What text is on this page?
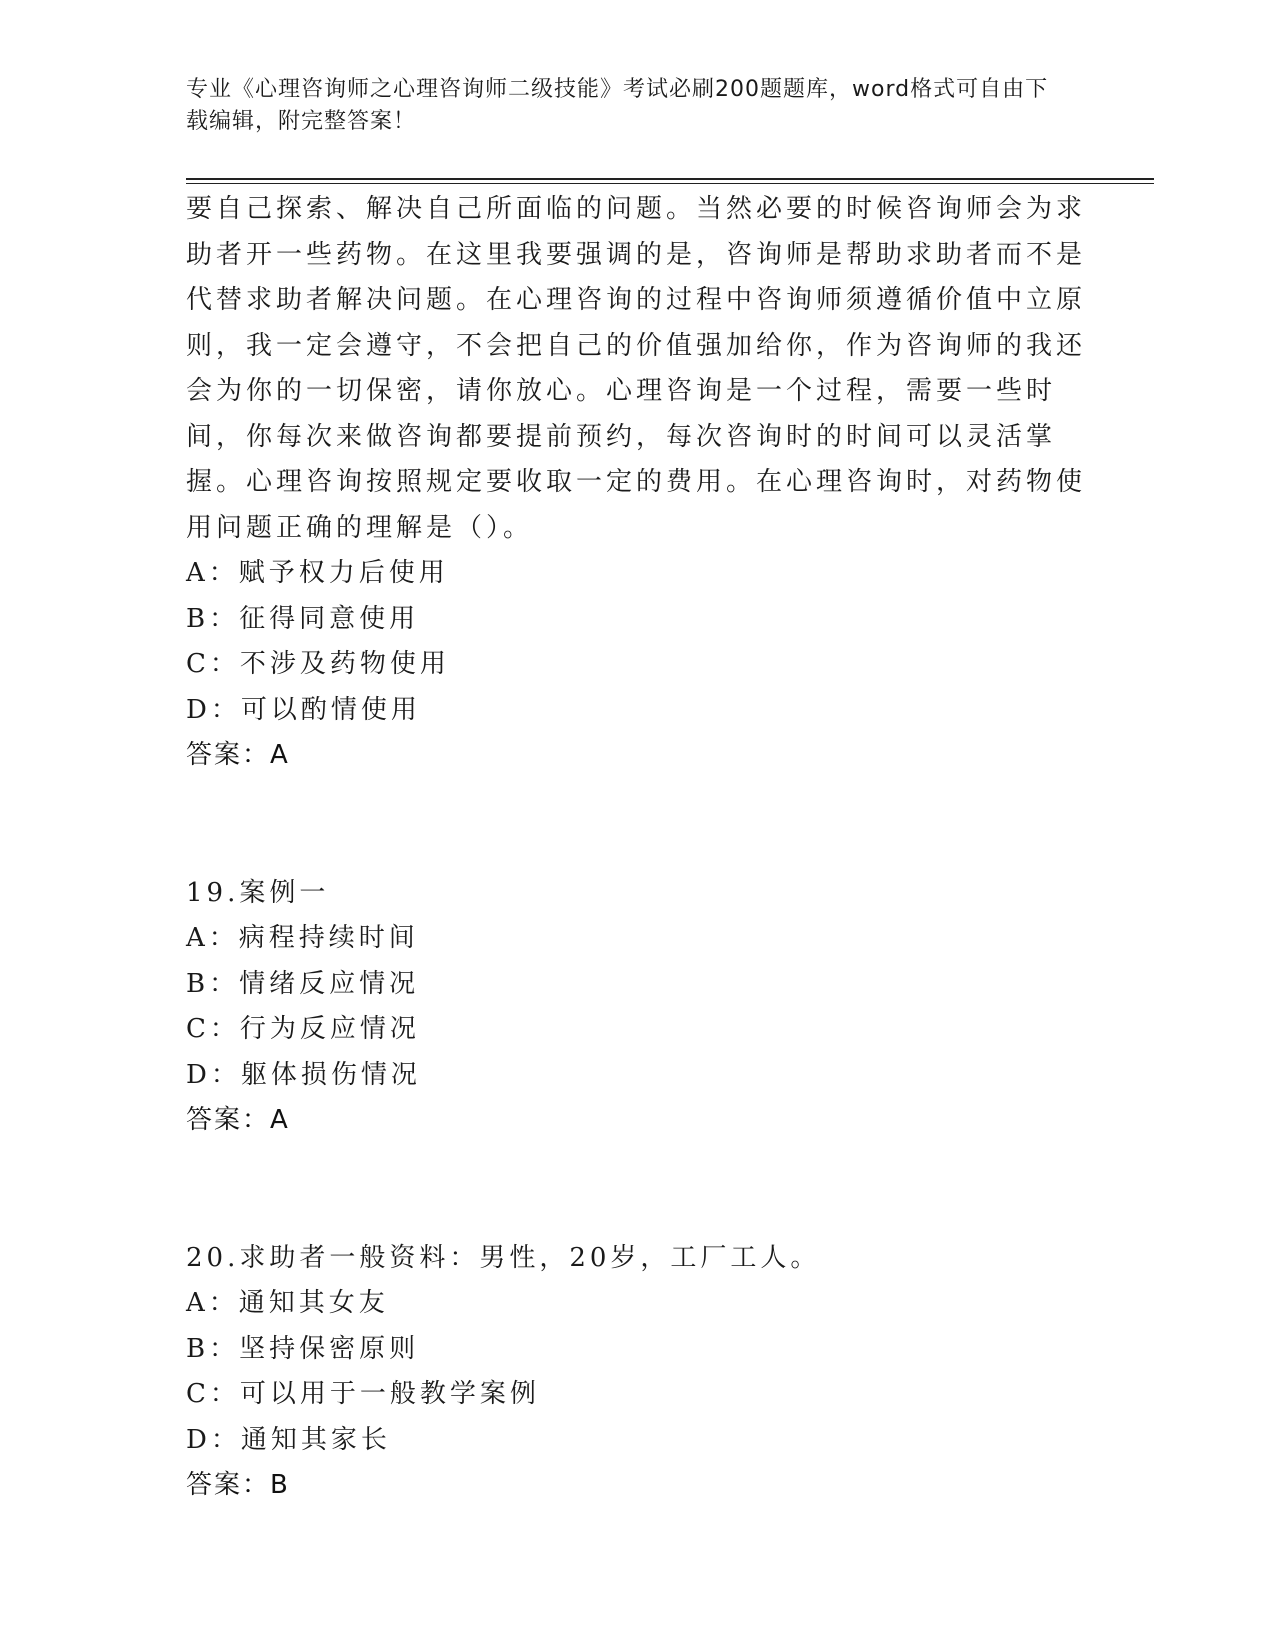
专业《心理咨询师之心理咨询师二级技能》考试必刷200题题库，word格式可自由下载编辑，附完整答案！

要自己探索、解决自己所面临的问题。当然必要的时候咨询师会为求助者开一些药物。在这里我要强调的是，咨询师是帮助求助者而不是代替求助者解决问题。在心理咨询的过程中咨询师须遵循价值中立原则，我一定会遵守，不会把自己的价值强加给你，作为咨询师的我还会为你的一切保密，请你放心。心理咨询是一个过程，需要一些时间，你每次来做咨询都要提前预约，每次咨询时的时间可以灵活掌握。心理咨询按照规定要收取一定的费用。在心理咨询时，对药物使用问题正确的理解是（）。

A：赋予权力后使用
B：征得同意使用
C：不涉及药物使用
D：可以酌情使用
答案：A
19.案例一
A：病程持续时间
B：情绪反应情况
C：行为反应情况
D：躯体损伤情况
答案：A
20.求助者一般资料：男性，20岁，工厂工人。
A：通知其女友
B：坚持保密原则
C：可以用于一般教学案例
D：通知其家长
答案：B
